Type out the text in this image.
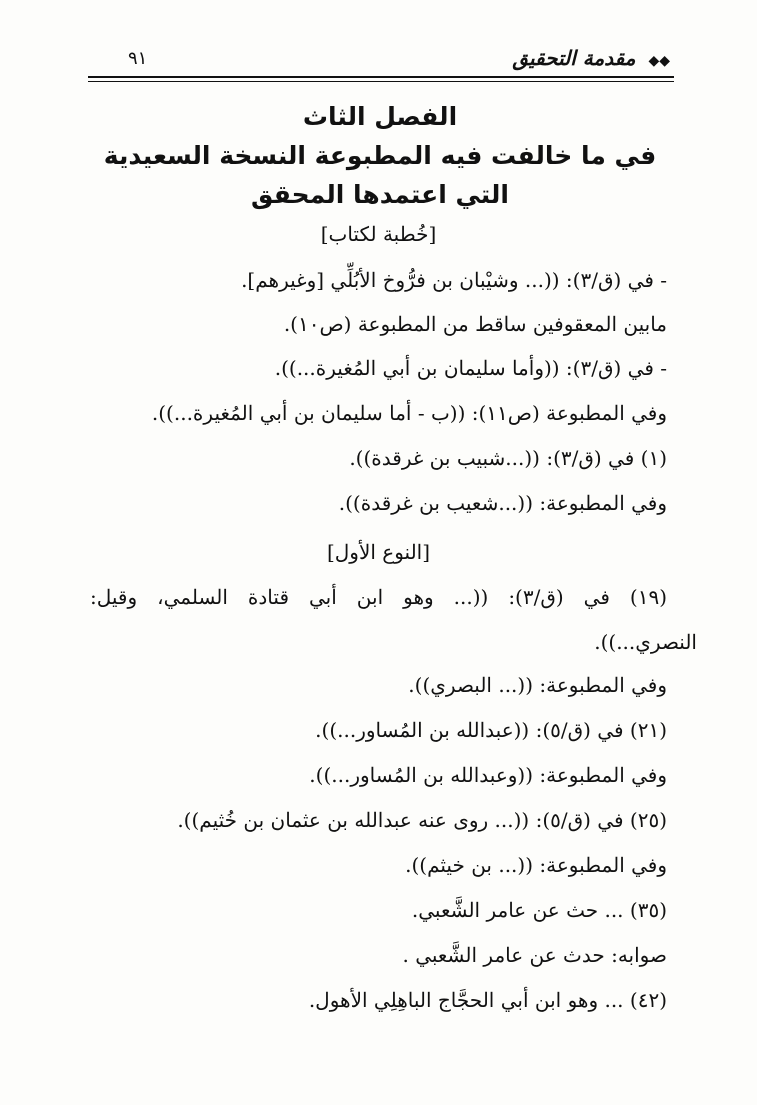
٩١	◆◆ مقدمة التحقيق
الفصل الثاث
في ما خالفت فيه المطبوعة النسخة السعيدية
التي اعتمدها المحقق
[خُطبة لكتاب]
- في (ق/٣): ((... وشيْبان بن فرُّوخ الأبُلِّي [وغيرهم].
مابين المعقوفين ساقط من المطبوعة (ص١٠).
- في (ق/٣): ((وأما سليمان بن أبي المُغيرة...)).
وفي المطبوعة (ص١١): ((ب - أما سليمان بن أبي المُغيرة...)).
(١) في (ق/٣): ((...شبيب بن غرقدة)).
وفي المطبوعة: ((...شعيب بن غرقدة)).
[النوع الأول]
(١٩) في (ق/٣): ((... وهو ابن أبي قتادة السلمي، وقيل:
النصري...)).
وفي المطبوعة: ((... البصري)).
(٢١) في (ق/٥): ((عبدالله بن المُساور...)).
وفي المطبوعة: ((وعبدالله بن المُساور...)).
(٢٥) في (ق/٥): ((... روى عنه عبدالله بن عثمان بن خُثيم)).
وفي المطبوعة: ((... بن خيثم)).
(٣٥) ... حث عن عامر الشَّعبي.
صوابه: حدث عن عامر الشَّعبي .
(٤٢) ... وهو ابن أبي الحجَّاج الباهِلِي الأهول.
